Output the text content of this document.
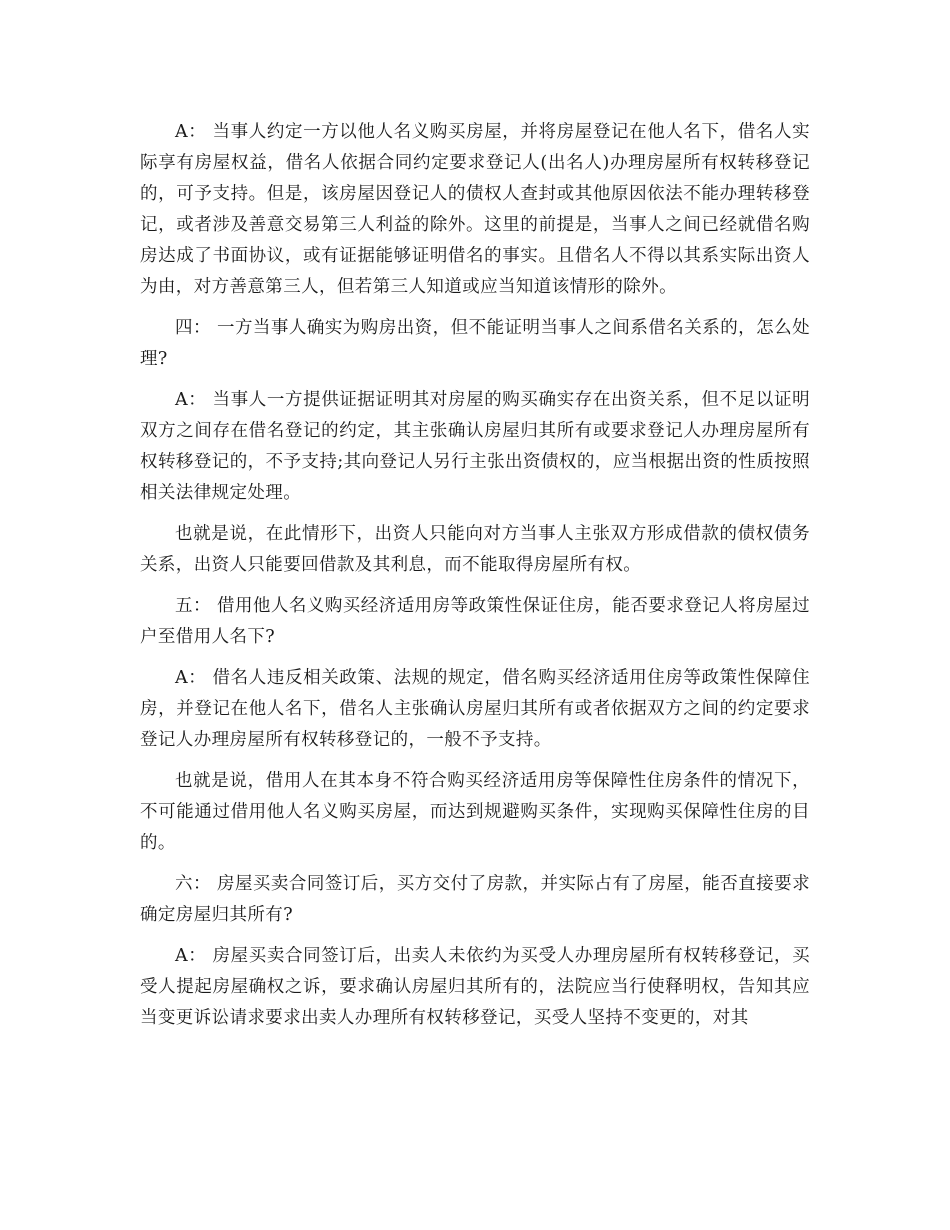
A： 当事人约定一方以他人名义购买房屋，并将房屋登记在他人名下，借名人实际享有房屋权益，借名人依据合同约定要求登记人(出名人)办理房屋所有权转移登记的，可予支持。但是，该房屋因登记人的债权人查封或其他原因依法不能办理转移登记，或者涉及善意交易第三人利益的除外。这里的前提是，当事人之间已经就借名购房达成了书面协议，或有证据能够证明借名的事实。且借名人不得以其系实际出资人为由，对方善意第三人，但若第三人知道或应当知道该情形的除外。

四： 一方当事人确实为购房出资，但不能证明当事人之间系借名关系的，怎么处理?

A： 当事人一方提供证据证明其对房屋的购买确实存在出资关系，但不足以证明双方之间存在借名登记的约定，其主张确认房屋归其所有或要求登记人办理房屋所有权转移登记的，不予支持;其向登记人另行主张出资债权的，应当根据出资的性质按照相关法律规定处理。

也就是说，在此情形下，出资人只能向对方当事人主张双方形成借款的债权债务关系，出资人只能要回借款及其利息，而不能取得房屋所有权。

五： 借用他人名义购买经济适用房等政策性保证住房，能否要求登记人将房屋过户至借用人名下?

A： 借名人违反相关政策、法规的规定，借名购买经济适用住房等政策性保障住房，并登记在他人名下，借名人主张确认房屋归其所有或者依据双方之间的约定要求登记人办理房屋所有权转移登记的，一般不予支持。

也就是说，借用人在其本身不符合购买经济适用房等保障性住房条件的情况下，不可能通过借用他人名义购买房屋，而达到规避购买条件，实现购买保障性住房的目的。

六： 房屋买卖合同签订后，买方交付了房款，并实际占有了房屋，能否直接要求确定房屋归其所有?

A： 房屋买卖合同签订后，出卖人未依约为买受人办理房屋所有权转移登记，买受人提起房屋确权之诉，要求确认房屋归其所有的，法院应当行使释明权，告知其应当变更诉讼请求要求出卖人办理所有权转移登记，买受人坚持不变更的，对其
